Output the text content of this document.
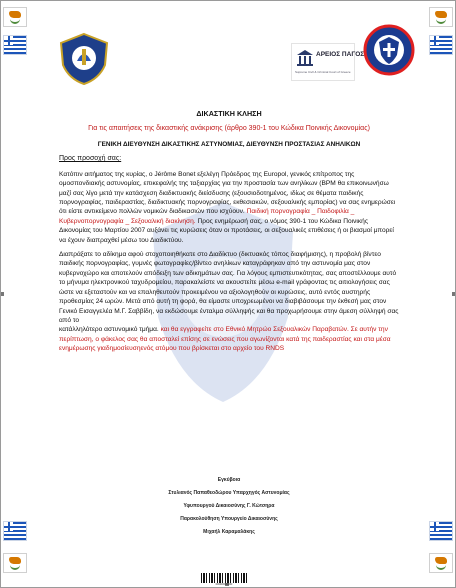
ΑΡΕΙΟΣ ΠΑΓΟΣ
Supreme Civil & Criminal Court of Greece
ΔΙΚΑΣΤΙΚΗ ΚΛΗΣΗ
Για τις απαιτήσεις της δικαστικής ανάκρισης (άρθρο 390-1 του Κώδικα Ποινικής Δικονομίας)
ΓΕΝΙΚΗ ΔΙΕΥΘΥΝΣΗ ΔΙΚΑΣΤΙΚΗΣ ΑΣΤΥΝΟΜΙΑΣ, ΔΙΕΥΘΥΝΣΗ ΠΡΟΣΤΑΣΙΑΣ ΑΝΗΛΙΚΩΝ
Προς προσοχή σας:

Κατόπιν αιτήματος της κυρίας, ο Jérôme Bonet εξελέγη Πρόεδρος της Europol, γενικός επίτροπος της ομοσπονδιακής αστυνομίας, επικεφαλής της ταξιαρχίας για την προστασία των ανηλίκων (BPM θα επικοινωνήσω μαζί σας λίγο μετά την κατάσχεση διαδικτυακής διείσδυσης (εξουσιοδοτημένος, ιδίως σε θέματα παιδικής πορνογραφίας, παιδεραστίας, διαδικτυακής πορνογραφίας, εκθεσιακών, σεξουαλικής εμπορίας) να σας ενημερώσει ότι είστε αντικείμενο πολλών νομικών διαδικασιών που ισχύουν. Παιδική πορνογραφία _ Παιδοφιλία _ Κυβερνοπορνογραφία _ Σεξουαλική διακίνηση. Προς ενημέρωσή σας, ο νόμος 390-1 του Κώδικα Ποινικής Δικονομίας του Μαρτίου 2007 αυξάνει τις κυρώσεις όταν οι προτάσεις, οι σεξουαλικές επιθέσεις ή οι βιασμοί μπορεί να έχουν διαπραχθεί μέσω του Διαδικτύου.

Διαπράξατε το αδίκημα αφού στοχοποιηθήκατε στο Διαδίκτυο (δικτυακός τόπος διαφήμισης), η προβολή βίντεο παιδικής πορνογραφίας, γυμνές φωτογραφίες/βίντεο ανηλίκων καταγράφηκαν από την αστυνομία μας στον κυβερνοχώρο και αποτελούν απόδειξη των αδικημάτων σας. Για λόγους εμπιστευτικότητας, σας αποστέλλουμε αυτό το μήνυμα ηλεκτρονικού ταχυδρομείου, παρακαλείστε να ακουστείτε μέσω e-mail γράφοντας τις αιτιολογήσεις σας ώστε να εξεταστούν και να επαληθευτούν προκειμένου να αξιολογηθούν οι κυρώσεις, αυτό εντός αυστηρής προθεσμίας 24 ωρών. Μετά από αυτή τη φορά, θα είμαστε υποχρεωμένοι να διαβιβάσουμε την έκθεσή μας στον Γενικό Εισαγγελέα Μ.Γ. Σαββίδη, να εκδώσουμε ένταλμα σύλληψής και θα προχωρήσουμε στην άμεση σύλληψή σας από το
κατάλληλότερο αστυνομικό τμήμα. και θα εγγραφείτε στο Εθνικό Μητρώο Σεξουαλικών Παραβατών. Σε αυτήν την περίπτωση, ο φάκελος σας θα αποσταλεί επίσης σε ενώσεις που αγωνίζονται κατά της παιδεραστίας και στα μέσα ενημέρωσης γιαδημοσίευσηενός ατόμου που βρίσκεται στο αρχείο του RNDS

Εγκύβοια
Στυλιανός Παπαθεοδώρου Υπαρχηγός Αστυνομίας
Υφυπουργού Δικαιοσύνης Γ. Κώτσηρα
Παρακολούθηση Υπουργείο Δικαιοσύνης
Μιχαήλ Καραμαλάκης
0000000000
